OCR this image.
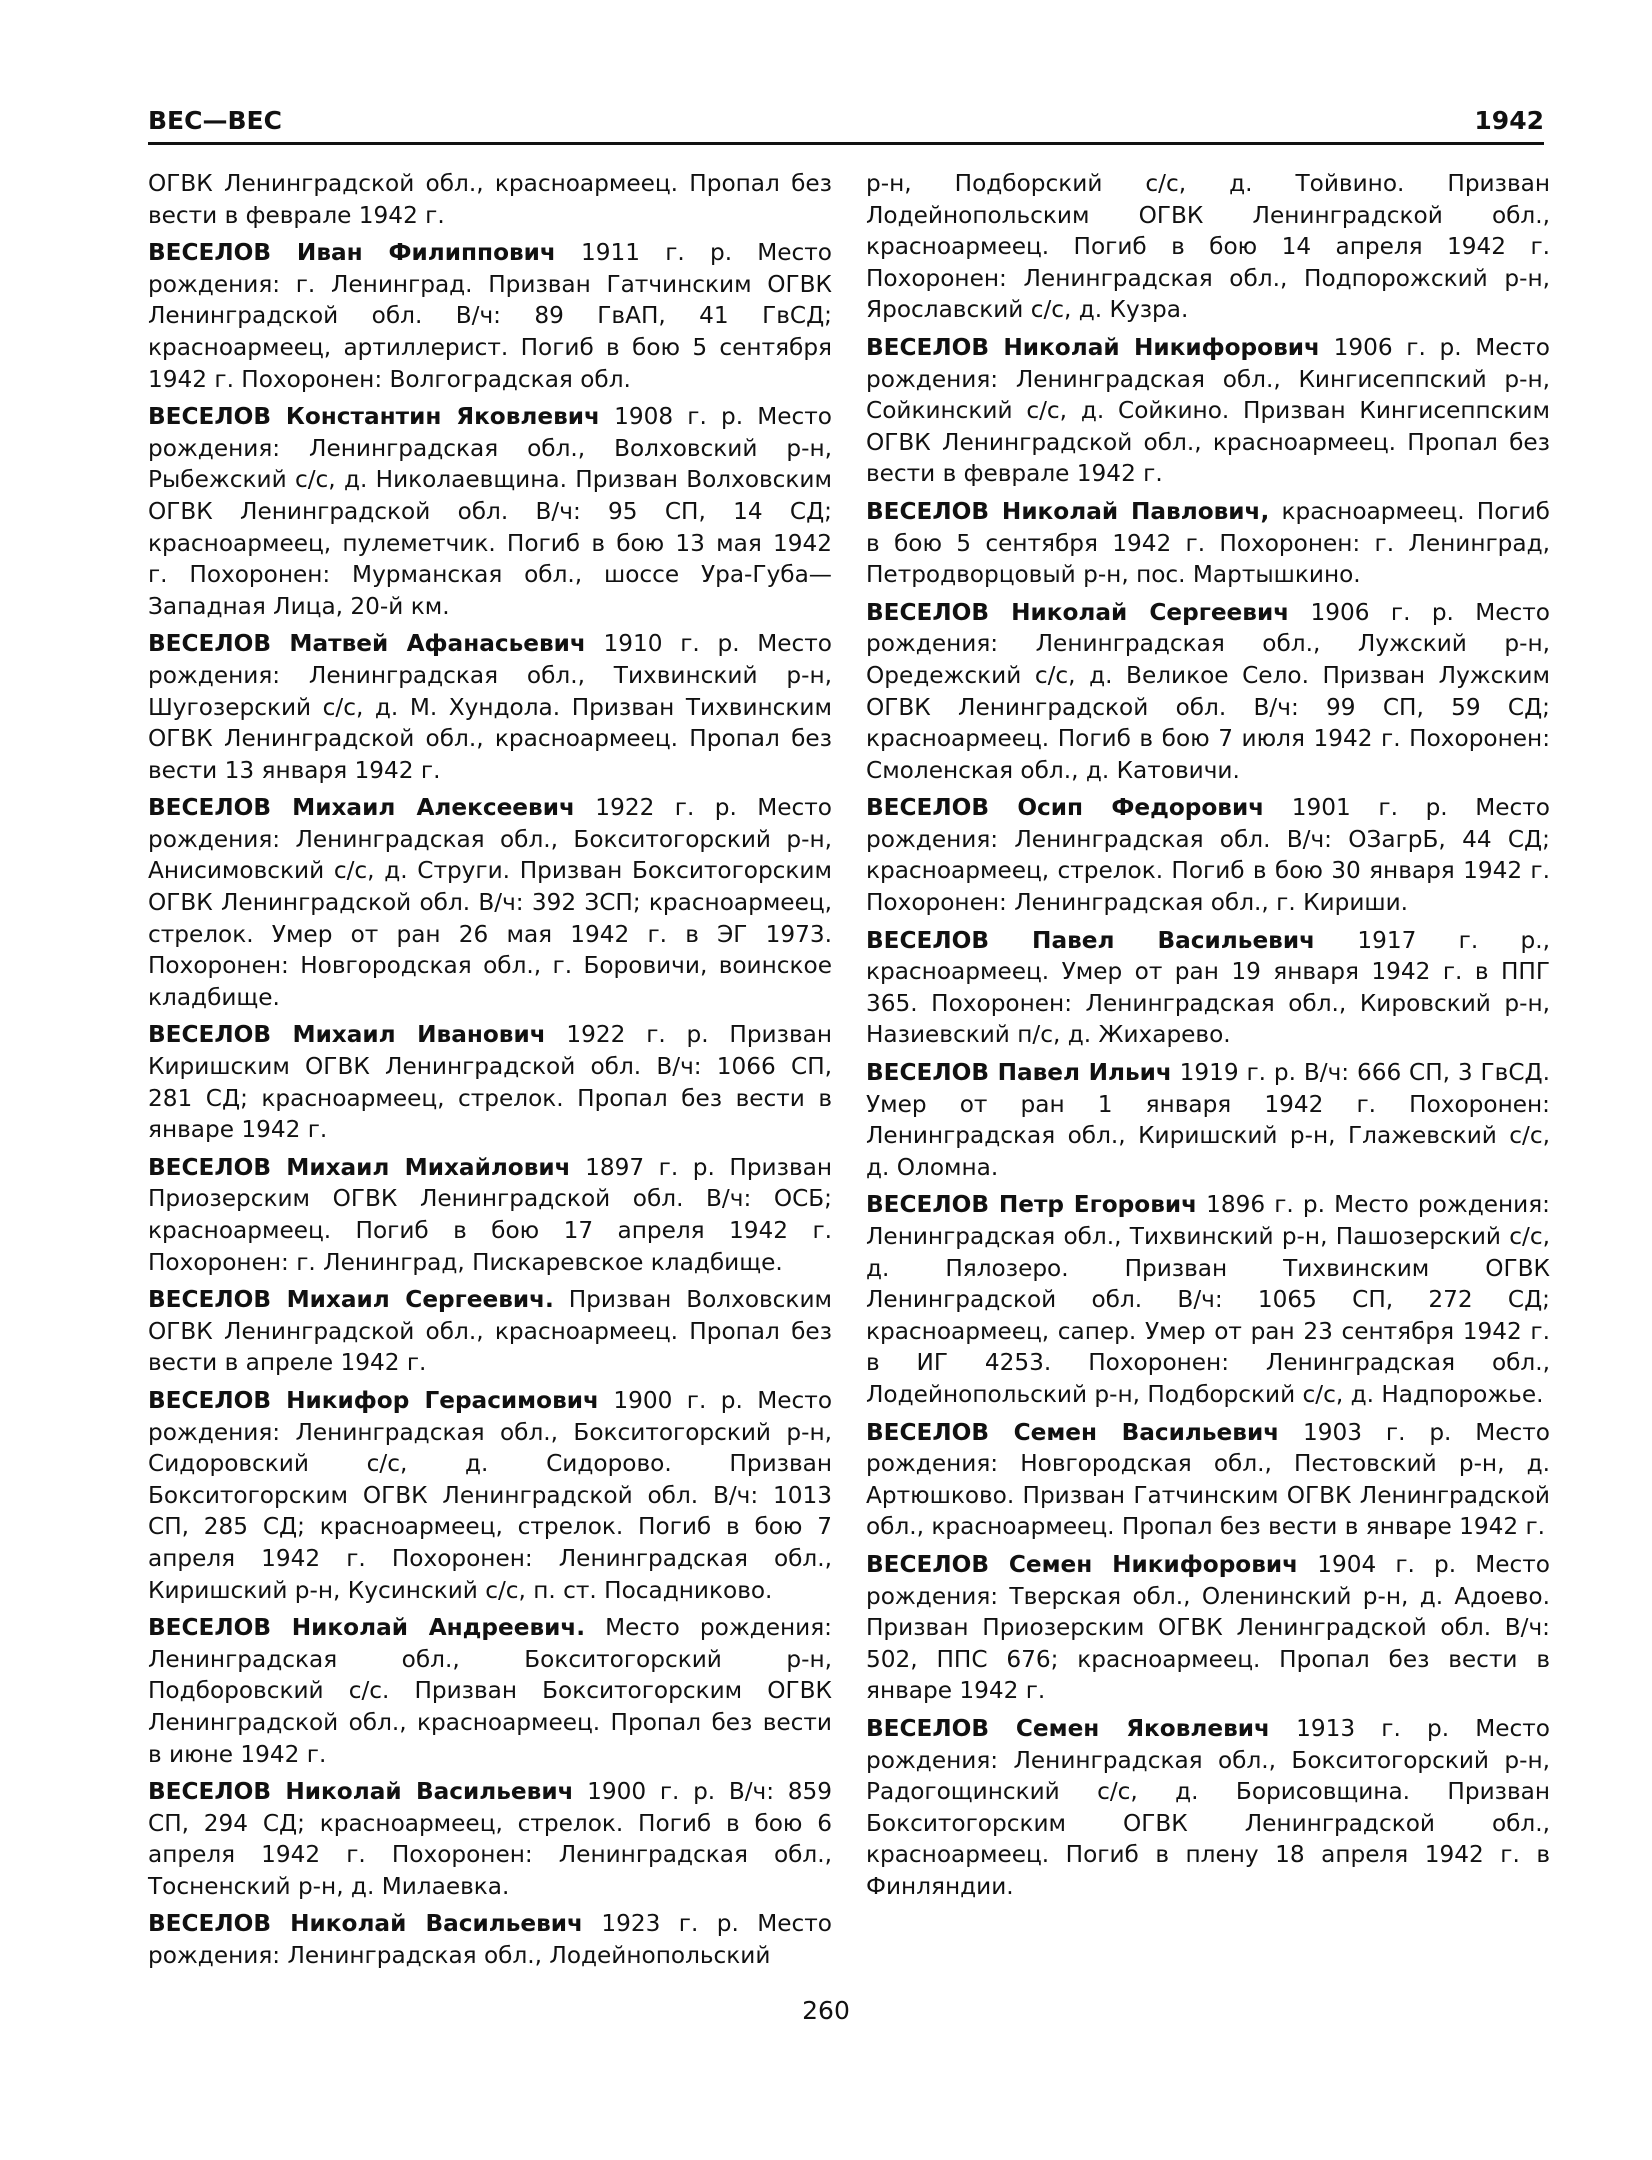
ВЕС—ВЕС	1942

ОГВК Ленинградской обл., красноармеец. Пропал без вести в феврале 1942 г.

ВЕСЕЛОВ Иван Филиппович 1911 г. р. Место рождения: г. Ленинград. Призван Гатчинским ОГВК Ленинградской обл. В/ч: 89 ГвАП, 41 ГвСД; красноармеец, артиллерист. Погиб в бою 5 сентября 1942 г. Похоронен: Волгоградская обл.

ВЕСЕЛОВ Константин Яковлевич 1908 г. р. Место рождения: Ленинградская обл., Волховский р-н, Рыбежский с/с, д. Николаевщина. Призван Волховским ОГВК Ленинградской обл. В/ч: 95 СП, 14 СД; красноармеец, пулеметчик. Погиб в бою 13 мая 1942 г. Похоронен: Мурманская обл., шоссе Ура-Губа—Западная Лица, 20-й км.

ВЕСЕЛОВ Матвей Афанасьевич 1910 г. р. Место рождения: Ленинградская обл., Тихвинский р-н, Шугозерский с/с, д. М. Хундола. Призван Тихвинским ОГВК Ленинградской обл., красноармеец. Пропал без вести 13 января 1942 г.

ВЕСЕЛОВ Михаил Алексеевич 1922 г. р. Место рождения: Ленинградская обл., Бокситогорский р-н, Анисимовский с/с, д. Струги. Призван Бокситогорским ОГВК Ленинградской обл. В/ч: 392 ЗСП; красноармеец, стрелок. Умер от ран 26 мая 1942 г. в ЭГ 1973. Похоронен: Новгородская обл., г. Боровичи, воинское кладбище.

ВЕСЕЛОВ Михаил Иванович 1922 г. р. Призван Киришским ОГВК Ленинградской обл. В/ч: 1066 СП, 281 СД; красноармеец, стрелок. Пропал без вести в январе 1942 г.

ВЕСЕЛОВ Михаил Михайлович 1897 г. р. Призван Приозерским ОГВК Ленинградской обл. В/ч: ОСБ; красноармеец. Погиб в бою 17 апреля 1942 г. Похоронен: г. Ленинград, Пискаревское кладбище.

ВЕСЕЛОВ Михаил Сергеевич. Призван Волховским ОГВК Ленинградской обл., красноармеец. Пропал без вести в апреле 1942 г.

ВЕСЕЛОВ Никифор Герасимович 1900 г. р. Место рождения: Ленинградская обл., Бокситогорский р-н, Сидоровский с/с, д. Сидорово. Призван Бокситогорским ОГВК Ленинградской обл. В/ч: 1013 СП, 285 СД; красноармеец, стрелок. Погиб в бою 7 апреля 1942 г. Похоронен: Ленинградская обл., Киришский р-н, Кусинский с/с, п. ст. Посадниково.

ВЕСЕЛОВ Николай Андреевич. Место рождения: Ленинградская обл., Бокситогорский р-н, Подборовский с/с. Призван Бокситогорским ОГВК Ленинградской обл., красноармеец. Пропал без вести в июне 1942 г.

ВЕСЕЛОВ Николай Васильевич 1900 г. р. В/ч: 859 СП, 294 СД; красноармеец, стрелок. Погиб в бою 6 апреля 1942 г. Похоронен: Ленинградская обл., Тосненский р-н, д. Милаевка.

ВЕСЕЛОВ Николай Васильевич 1923 г. р. Место рождения: Ленинградская обл., Лодейнопольский

р-н, Подборский с/с, д. Тойвино. Призван Лодейнопольским ОГВК Ленинградской обл., красноармеец. Погиб в бою 14 апреля 1942 г. Похоронен: Ленинградская обл., Подпорожский р-н, Ярославский с/с, д. Кузра.

ВЕСЕЛОВ Николай Никифорович 1906 г. р. Место рождения: Ленинградская обл., Кингисеппский р-н, Сойкинский с/с, д. Сойкино. Призван Кингисеппским ОГВК Ленинградской обл., красноармеец. Пропал без вести в феврале 1942 г.

ВЕСЕЛОВ Николай Павлович, красноармеец. Погиб в бою 5 сентября 1942 г. Похоронен: г. Ленинград, Петродворцовый р-н, пос. Мартышкино.

ВЕСЕЛОВ Николай Сергеевич 1906 г. р. Место рождения: Ленинградская обл., Лужский р-н, Оредежский с/с, д. Великое Село. Призван Лужским ОГВК Ленинградской обл. В/ч: 99 СП, 59 СД; красноармеец. Погиб в бою 7 июля 1942 г. Похоронен: Смоленская обл., д. Катовичи.

ВЕСЕЛОВ Осип Федорович 1901 г. р. Место рождения: Ленинградская обл. В/ч: ОЗагрБ, 44 СД; красноармеец, стрелок. Погиб в бою 30 января 1942 г. Похоронен: Ленинградская обл., г. Кириши.

ВЕСЕЛОВ Павел Васильевич 1917 г. р., красноармеец. Умер от ран 19 января 1942 г. в ППГ 365. Похоронен: Ленинградская обл., Кировский р-н, Назиевский п/с, д. Жихарево.

ВЕСЕЛОВ Павел Ильич 1919 г. р. В/ч: 666 СП, 3 ГвСД. Умер от ран 1 января 1942 г. Похоронен: Ленинградская обл., Киришский р-н, Глажевский с/с, д. Оломна.

ВЕСЕЛОВ Петр Егорович 1896 г. р. Место рождения: Ленинградская обл., Тихвинский р-н, Пашозерский с/с, д. Пялозеро. Призван Тихвинским ОГВК Ленинградской обл. В/ч: 1065 СП, 272 СД; красноармеец, сапер. Умер от ран 23 сентября 1942 г. в ИГ 4253. Похоронен: Ленинградская обл., Лодейнопольский р-н, Подборский с/с, д. Надпорожье.

ВЕСЕЛОВ Семен Васильевич 1903 г. р. Место рождения: Новгородская обл., Пестовский р-н, д. Артюшково. Призван Гатчинским ОГВК Ленинградской обл., красноармеец. Пропал без вести в январе 1942 г.

ВЕСЕЛОВ Семен Никифорович 1904 г. р. Место рождения: Тверская обл., Оленинский р-н, д. Адоево. Призван Приозерским ОГВК Ленинградской обл. В/ч: 502, ППС 676; красноармеец. Пропал без вести в январе 1942 г.

ВЕСЕЛОВ Семен Яковлевич 1913 г. р. Место рождения: Ленинградская обл., Бокситогорский р-н, Радогощинский с/с, д. Борисовщина. Призван Бокситогорским ОГВК Ленинградской обл., красноармеец. Погиб в плену 18 апреля 1942 г. в Финляндии.

260
